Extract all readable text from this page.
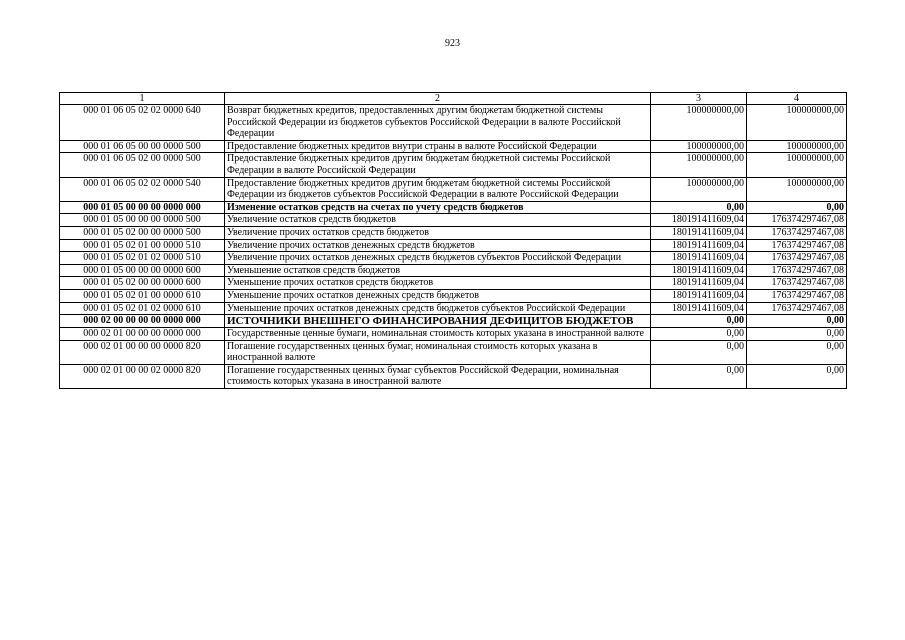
923
1	2	3	4
000 01 06 05 02 02 0000 640	Возврат бюджетных кредитов, предоставленных другим бюджетам бюджетной системы Российской Федерации из бюджетов субъектов Российской Федерации в валюте Российской Федерации	100000000,00	100000000,00
000 01 06 05 00 00 0000 500	Предоставление бюджетных кредитов внутри страны в валюте Российской Федерации	100000000,00	100000000,00
000 01 06 05 02 00 0000 500	Предоставление бюджетных кредитов другим бюджетам бюджетной системы Российской Федерации в валюте Российской Федерации	100000000,00	100000000,00
000 01 06 05 02 02 0000 540	Предоставление бюджетных кредитов другим бюджетам бюджетной системы Российской Федерации из бюджетов субъектов Российской Федерации в валюте Российской Федерации	100000000,00	100000000,00
000 01 05 00 00 00 0000 000	Изменение остатков средств на счетах по учету средств бюджетов	0,00	0,00
000 01 05 00 00 00 0000 500	Увеличение остатков средств бюджетов	180191411609,04	176374297467,08
000 01 05 02 00 00 0000 500	Увеличение прочих остатков средств бюджетов	180191411609,04	176374297467,08
000 01 05 02 01 00 0000 510	Увеличение прочих остатков денежных средств бюджетов	180191411609,04	176374297467,08
000 01 05 02 01 02 0000 510	Увеличение прочих остатков денежных средств бюджетов субъектов Российской Федерации	180191411609,04	176374297467,08
000 01 05 00 00 00 0000 600	Уменьшение остатков средств бюджетов	180191411609,04	176374297467,08
000 01 05 02 00 00 0000 600	Уменьшение прочих остатков средств бюджетов	180191411609,04	176374297467,08
000 01 05 02 01 00 0000 610	Уменьшение прочих остатков денежных средств бюджетов	180191411609,04	176374297467,08
000 01 05 02 01 02 0000 610	Уменьшение прочих остатков денежных средств бюджетов субъектов Российской Федерации	180191411609,04	176374297467,08
000 02 00 00 00 00 0000 000	ИСТОЧНИКИ ВНЕШНЕГО ФИНАНСИРОВАНИЯ ДЕФИЦИТОВ БЮДЖЕТОВ	0,00	0,00
000 02 01 00 00 00 0000 000	Государственные ценные бумаги, номинальная стоимость которых указана в иностранной валюте	0,00	0,00
000 02 01 00 00 00 0000 820	Погашение государственных ценных бумаг, номинальная стоимость которых указана в иностранной валюте	0,00	0,00
000 02 01 00 00 02 0000 820	Погашение государственных ценных бумаг субъектов Российской Федерации, номинальная стоимость которых указана в иностранной валюте	0,00	0,00
